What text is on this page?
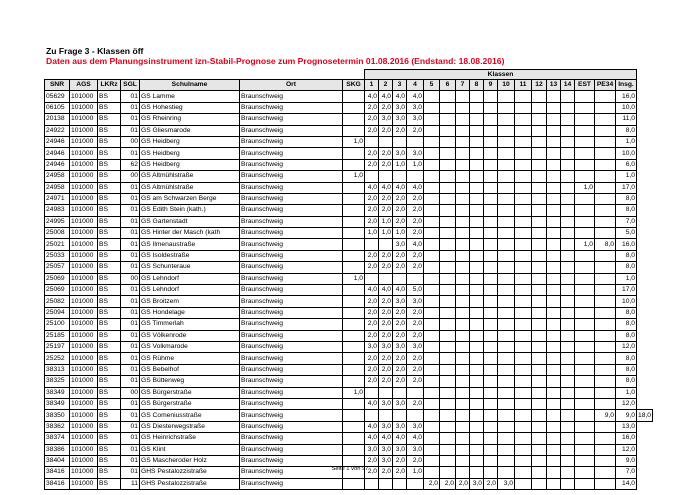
Zu Frage 3 - Klassen öff
Daten aus dem Planungsinstrument izn-Stabil-Prognose zum Prognosetermin 01.08.2016 (Endstand: 18.08.2016)
							Klassen																	
SNR	AGS	LKRz	SGL	Schulname	Ort	SKG	1	2	3	4	5	6	7	8	9	10	11	12	13	14	EST	PE34	Insg.	
05629	101000	BS	01	GS Lamme	Braunschweig		4,0	4,0	4,0	4,0													16,0	
06105	101000	BS	01	GS Hohestieg	Braunschweig		2,0	2,0	3,0	3,0													10,0	
20138	101000	BS	01	GS Rheinring	Braunschweig		2,0	3,0	3,0	3,0													11,0	
24922	101000	BS	01	GS Gliesmarode	Braunschweig		2,0	2,0	2,0	2,0													8,0	
24946	101000	BS	00	GS Heidberg	Braunschweig	1,0																	1,0	
24946	101000	BS	01	GS Heidberg	Braunschweig		2,0	2,0	3,0	3,0													10,0	
24946	101000	BS	62	GS Heidberg	Braunschweig		2,0	2,0	1,0	1,0													6,0	
24958	101000	BS	00	GS Altmühlstraße	Braunschweig	1,0																	1,0	
24958	101000	BS	01	GS Altmühlstraße	Braunschweig		4,0	4,0	4,0	4,0											1,0		17,0	
24971	101000	BS	01	GS am Schwarzen Berge	Braunschweig		2,0	2,0	2,0	2,0													8,0	
24983	101000	BS	01	GS Edith Stein (kath.)	Braunschweig		2,0	2,0	2,0	2,0													8,0	
24995	101000	BS	01	GS Gartenstadt	Braunschweig		2,0	1,0	2,0	2,0													7,0	
25008	101000	BS	01	GS Hinter der Masch (kath	Braunschweig		1,0	1,0	1,0	2,0													5,0	
25021	101000	BS	01	GS Ilmenaustraße	Braunschweig				3,0	4,0											1,0	8,0	16,0	
25033	101000	BS	01	GS Isoldestraße	Braunschweig		2,0	2,0	2,0	2,0													8,0	
25057	101000	BS	01	GS Schunteraue	Braunschweig		2,0	2,0	2,0	2,0													8,0	
25069	101000	BS	00	GS Lehndorf	Braunschweig	1,0																	1,0	
25069	101000	BS	01	GS Lehndorf	Braunschweig		4,0	4,0	4,0	5,0													17,0	
25082	101000	BS	01	GS Broitzem	Braunschweig		2,0	2,0	3,0	3,0													10,0	
25094	101000	BS	01	GS Hondelage	Braunschweig		2,0	2,0	2,0	2,0													8,0	
25100	101000	BS	01	GS Timmerlah	Braunschweig		2,0	2,0	2,0	2,0													8,0	
25185	101000	BS	01	GS Völkenrode	Braunschweig		2,0	2,0	2,0	2,0													8,0	
25197	101000	BS	01	GS Volkmarode	Braunschweig		3,0	3,0	3,0	3,0													12,0	
25252	101000	BS	01	GS Rühme	Braunschweig		2,0	2,0	2,0	2,0													8,0	
38313	101000	BS	01	GS Bebelhof	Braunschweig		2,0	2,0	2,0	2,0													8,0	
38325	101000	BS	01	GS Büttenweg	Braunschweig		2,0	2,0	2,0	2,0													8,0	
38349	101000	BS	00	GS Bürgerstraße	Braunschweig	1,0																	1,0	
38349	101000	BS	01	GS Bürgerstraße	Braunschweig		4,0	3,0	3,0	2,0													12,0	
38350	101000	BS	01	GS Comeniusstraße	Braunschweig																	9,0	9,0	18,0
38362	101000	BS	01	GS Diesterwegstraße	Braunschweig		4,0	3,0	3,0	3,0													13,0	
38374	101000	BS	01	GS Heinrichstraße	Braunschweig		4,0	4,0	4,0	4,0													16,0	
38386	101000	BS	01	GS Klint	Braunschweig		3,0	3,0	3,0	3,0													12,0	
38404	101000	BS	01	GS Mascheroder Holz	Braunschweig		2,0	3,0	2,0	2,0													9,0	
38416	101000	BS	01	GHS Pestalozzistraße	Braunschweig		2,0	2,0	2,0	1,0													7,0	
38416	101000	BS	11	GHS Pestalozzistraße	Braunschweig						2,0	2,0	2,0	3,0	2,0	3,0							14,0	
Seite 1 von 97
